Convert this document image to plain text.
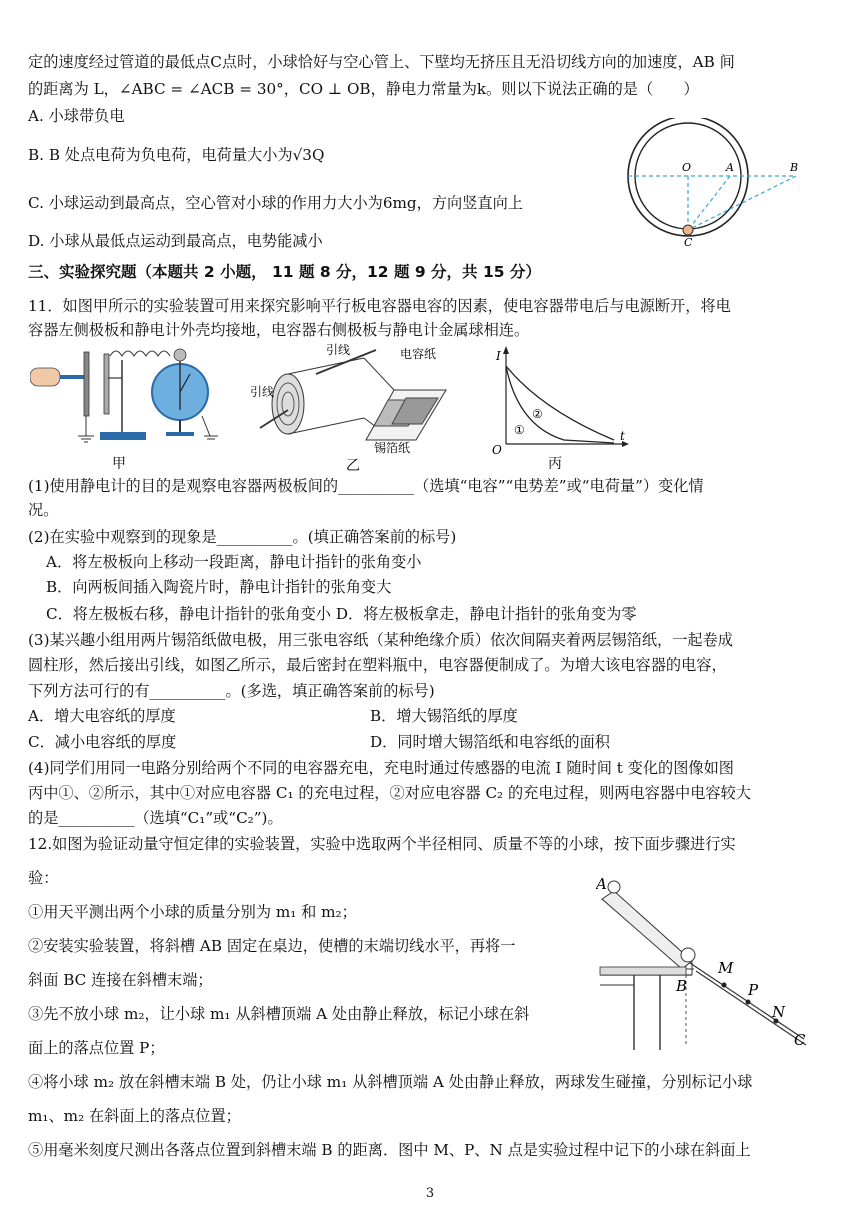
定的速度经过管道的最低点C点时，小球恰好与空心管上、下壁均无挤压且无沿切线方向的加速度，AB 间
的距离为 L，∠ABC = ∠ACB = 30°，CO ⊥ OB，静电力常量为k。则以下说法正确的是（　　）
A. 小球带负电
B. B 处点电荷为负电荷，电荷量大小为√3Q
C. 小球运动到最高点，空心管对小球的作用力大小为6mg，方向竖直向上
D. 小球从最低点运动到最高点，电势能减小
三、实验探究题（本题共 2 小题， 11 题 8 分，12 题 9 分，共 15 分）
11．如图甲所示的实验装置可用来探究影响平行板电容器电容的因素，使电容器带电后与电源断开，将电
容器左侧极板和静电计外壳均接地，电容器右侧极板与静电计金属球相连。
(1)使用静电计的目的是观察电容器两极板间的__________（选填“电容”“电势差”或“电荷量”）变化情
况。
(2)在实验中观察到的现象是__________。(填正确答案前的标号)
A．将左极板向上移动一段距离，静电计指针的张角变小
B．向两板间插入陶瓷片时，静电计指针的张角变大
C．将左极板右移，静电计指针的张角变小 D．将左极板拿走，静电计指针的张角变为零
(3)某兴趣小组用两片锡箔纸做电极，用三张电容纸（某种绝缘介质）依次间隔夹着两层锡箔纸，一起卷成
圆柱形，然后接出引线，如图乙所示，最后密封在塑料瓶中，电容器便制成了。为增大该电容器的电容，
下列方法可行的有__________。(多选，填正确答案前的标号)
A．增大电容纸的厚度	B．增大锡箔纸的厚度
C．减小电容纸的厚度	D．同时增大锡箔纸和电容纸的面积
(4)同学们用同一电路分别给两个不同的电容器充电，充电时通过传感器的电流 I 随时间 t 变化的图像如图
丙中①、②所示，其中①对应电容器 C₁ 的充电过程，②对应电容器 C₂ 的充电过程，则两电容器中电容较大
的是__________（选填“C₁”或“C₂”)。
12.如图为验证动量守恒定律的实验装置，实验中选取两个半径相同、质量不等的小球，按下面步骤进行实
验：
①用天平测出两个小球的质量分别为 m₁ 和 m₂；
②安装实验装置，将斜槽 AB 固定在桌边，使槽的末端切线水平，再将一
斜面 BC 连接在斜槽末端；
③先不放小球 m₂，让小球 m₁ 从斜槽顶端 A 处由静止释放，标记小球在斜
面上的落点位置 P；
④将小球 m₂ 放在斜槽末端 B 处，仍让小球 m₁ 从斜槽顶端 A 处由静止释放，两球发生碰撞，分别标记小球
m₁、m₂ 在斜面上的落点位置；
⑤用毫米刻度尺测出各落点位置到斜槽末端 B 的距离．图中 M、P、N 点是实验过程中记下的小球在斜面上
O	A	B
C
甲
引线
引线
电容纸
锡箔纸
乙
I
t
O
①
②
丙
A
B
M
P
N
C
3
